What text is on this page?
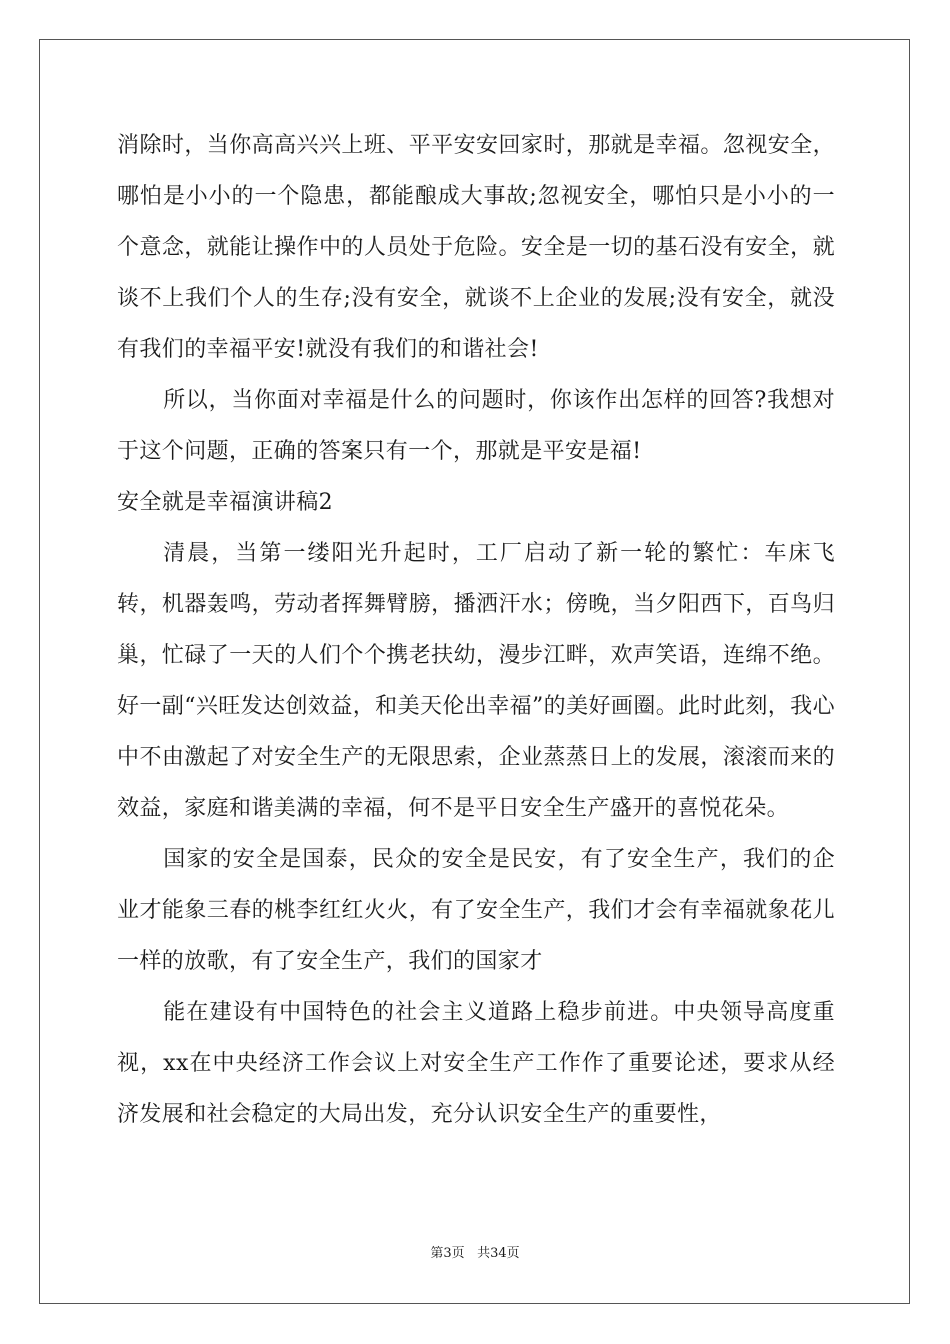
消除时，当你高高兴兴上班、平平安安回家时，那就是幸福。忽视安全，哪怕是小小的一个隐患，都能酿成大事故;忽视安全，哪怕只是小小的一个意念，就能让操作中的人员处于危险。安全是一切的基石没有安全，就谈不上我们个人的生存;没有安全，就谈不上企业的发展;没有安全，就没有我们的幸福平安!就没有我们的和谐社会!

所以，当你面对幸福是什么的问题时，你该作出怎样的回答?我想对于这个问题，正确的答案只有一个，那就是平安是福!

安全就是幸福演讲稿2

清晨，当第一缕阳光升起时，工厂启动了新一轮的繁忙：车床飞转，机器轰鸣，劳动者挥舞臂膀，播洒汗水；傍晚，当夕阳西下，百鸟归巢，忙碌了一天的人们个个携老扶幼，漫步江畔，欢声笑语，连绵不绝。好一副“兴旺发达创效益，和美天伦出幸福”的美好画圈。此时此刻，我心中不由激起了对安全生产的无限思索，企业蒸蒸日上的发展，滚滚而来的效益，家庭和谐美满的幸福，何不是平日安全生产盛开的喜悦花朵。

国家的安全是国泰，民众的安全是民安，有了安全生产，我们的企业才能象三春的桃李红红火火，有了安全生产，我们才会有幸福就象花儿一样的放歌，有了安全生产，我们的国家才

能在建设有中国特色的社会主义道路上稳步前进。中央领导高度重视，xx在中央经济工作会议上对安全生产工作作了重要论述，要求从经济发展和社会稳定的大局出发，充分认识安全生产的重要性，

第3页 共34页
